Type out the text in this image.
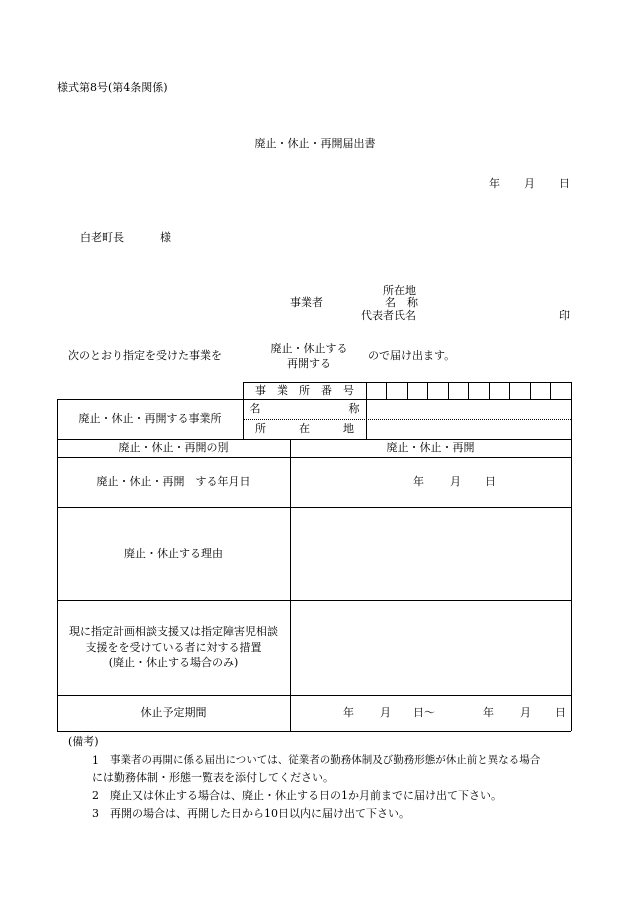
様式第8号(第4条関係)
廃止・休止・再開届出書
年 月 日
白老町長	様
所在地
事業者	名　称
代表者氏名	印
次のとおり指定を受けた事業を
廃止・休止する
再開する
ので届け出ます。
事　業　所　番　号
廃止・休止・再開する事業所
名　　　　　　　　称
所　　　在　　　地
廃止・休止・再開の別	廃止・休止・再開
廃止・休止・再開　する年月日	年 月 日
廃止・休止する理由
現に指定計画相談支援又は指定障害児相談
支援をを受けている者に対する措置
(廃止・休止する場合のみ)
休止予定期間	年 月 日〜	年 月 日
(備考)
1 事業者の再開に係る届出については、従業者の勤務体制及び勤務形態が休止前と異なる場合
には勤務体制・形態一覧表を添付してください。
2 廃止又は休止する場合は、廃止・休止する日の1か月前までに届け出て下さい。
3 再開の場合は、再開した日から10日以内に届け出て下さい。
